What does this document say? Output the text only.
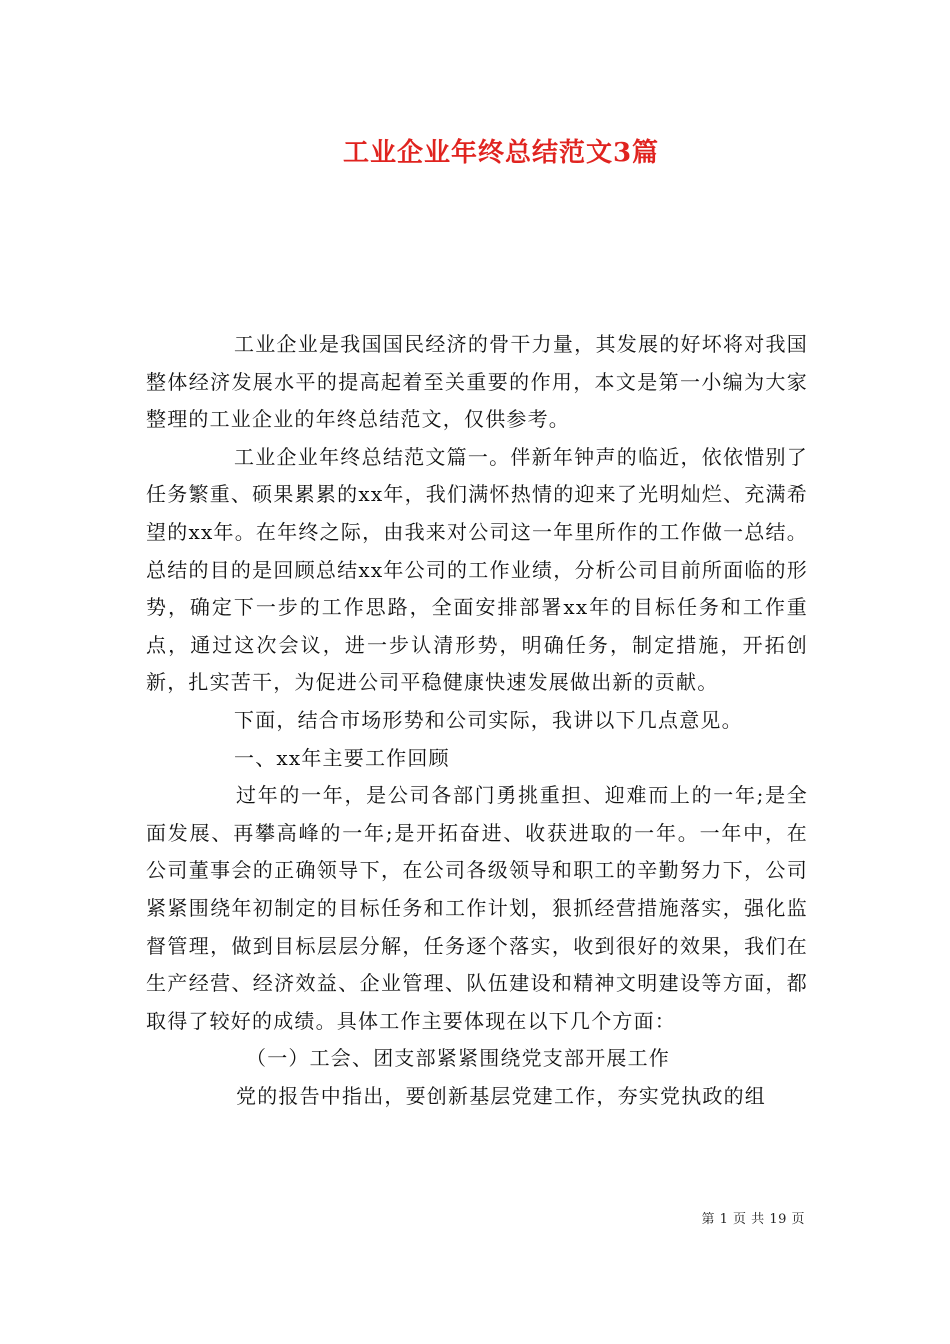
工业企业年终总结范文3篇

工业企业是我国国民经济的骨干力量，其发展的好坏将对我国整体经济发展水平的提高起着至关重要的作用，本文是第一小编为大家整理的工业企业的年终总结范文，仅供参考。

工业企业年终总结范文篇一。伴新年钟声的临近，依依惜别了任务繁重、硕果累累的xx年，我们满怀热情的迎来了光明灿烂、充满希望的xx年。在年终之际，由我来对公司这一年里所作的工作做一总结。总结的目的是回顾总结xx年公司的工作业绩，分析公司目前所面临的形势，确定下一步的工作思路，全面安排部署xx年的目标任务和工作重点，通过这次会议，进一步认清形势，明确任务，制定措施，开拓创新，扎实苦干，为促进公司平稳健康快速发展做出新的贡献。

下面，结合市场形势和公司实际，我讲以下几点意见。

一、xx年主要工作回顾

过年的一年，是公司各部门勇挑重担、迎难而上的一年;是全面发展、再攀高峰的一年;是开拓奋进、收获进取的一年。一年中，在公司董事会的正确领导下，在公司各级领导和职工的辛勤努力下，公司紧紧围绕年初制定的目标任务和工作计划，狠抓经营措施落实，强化监督管理，做到目标层层分解，任务逐个落实，收到很好的效果，我们在生产经营、经济效益、企业管理、队伍建设和精神文明建设等方面，都取得了较好的成绩。具体工作主要体现在以下几个方面：

（一）工会、团支部紧紧围绕党支部开展工作

党的报告中指出，要创新基层党建工作，夯实党执政的组

第 1 页 共 19 页
